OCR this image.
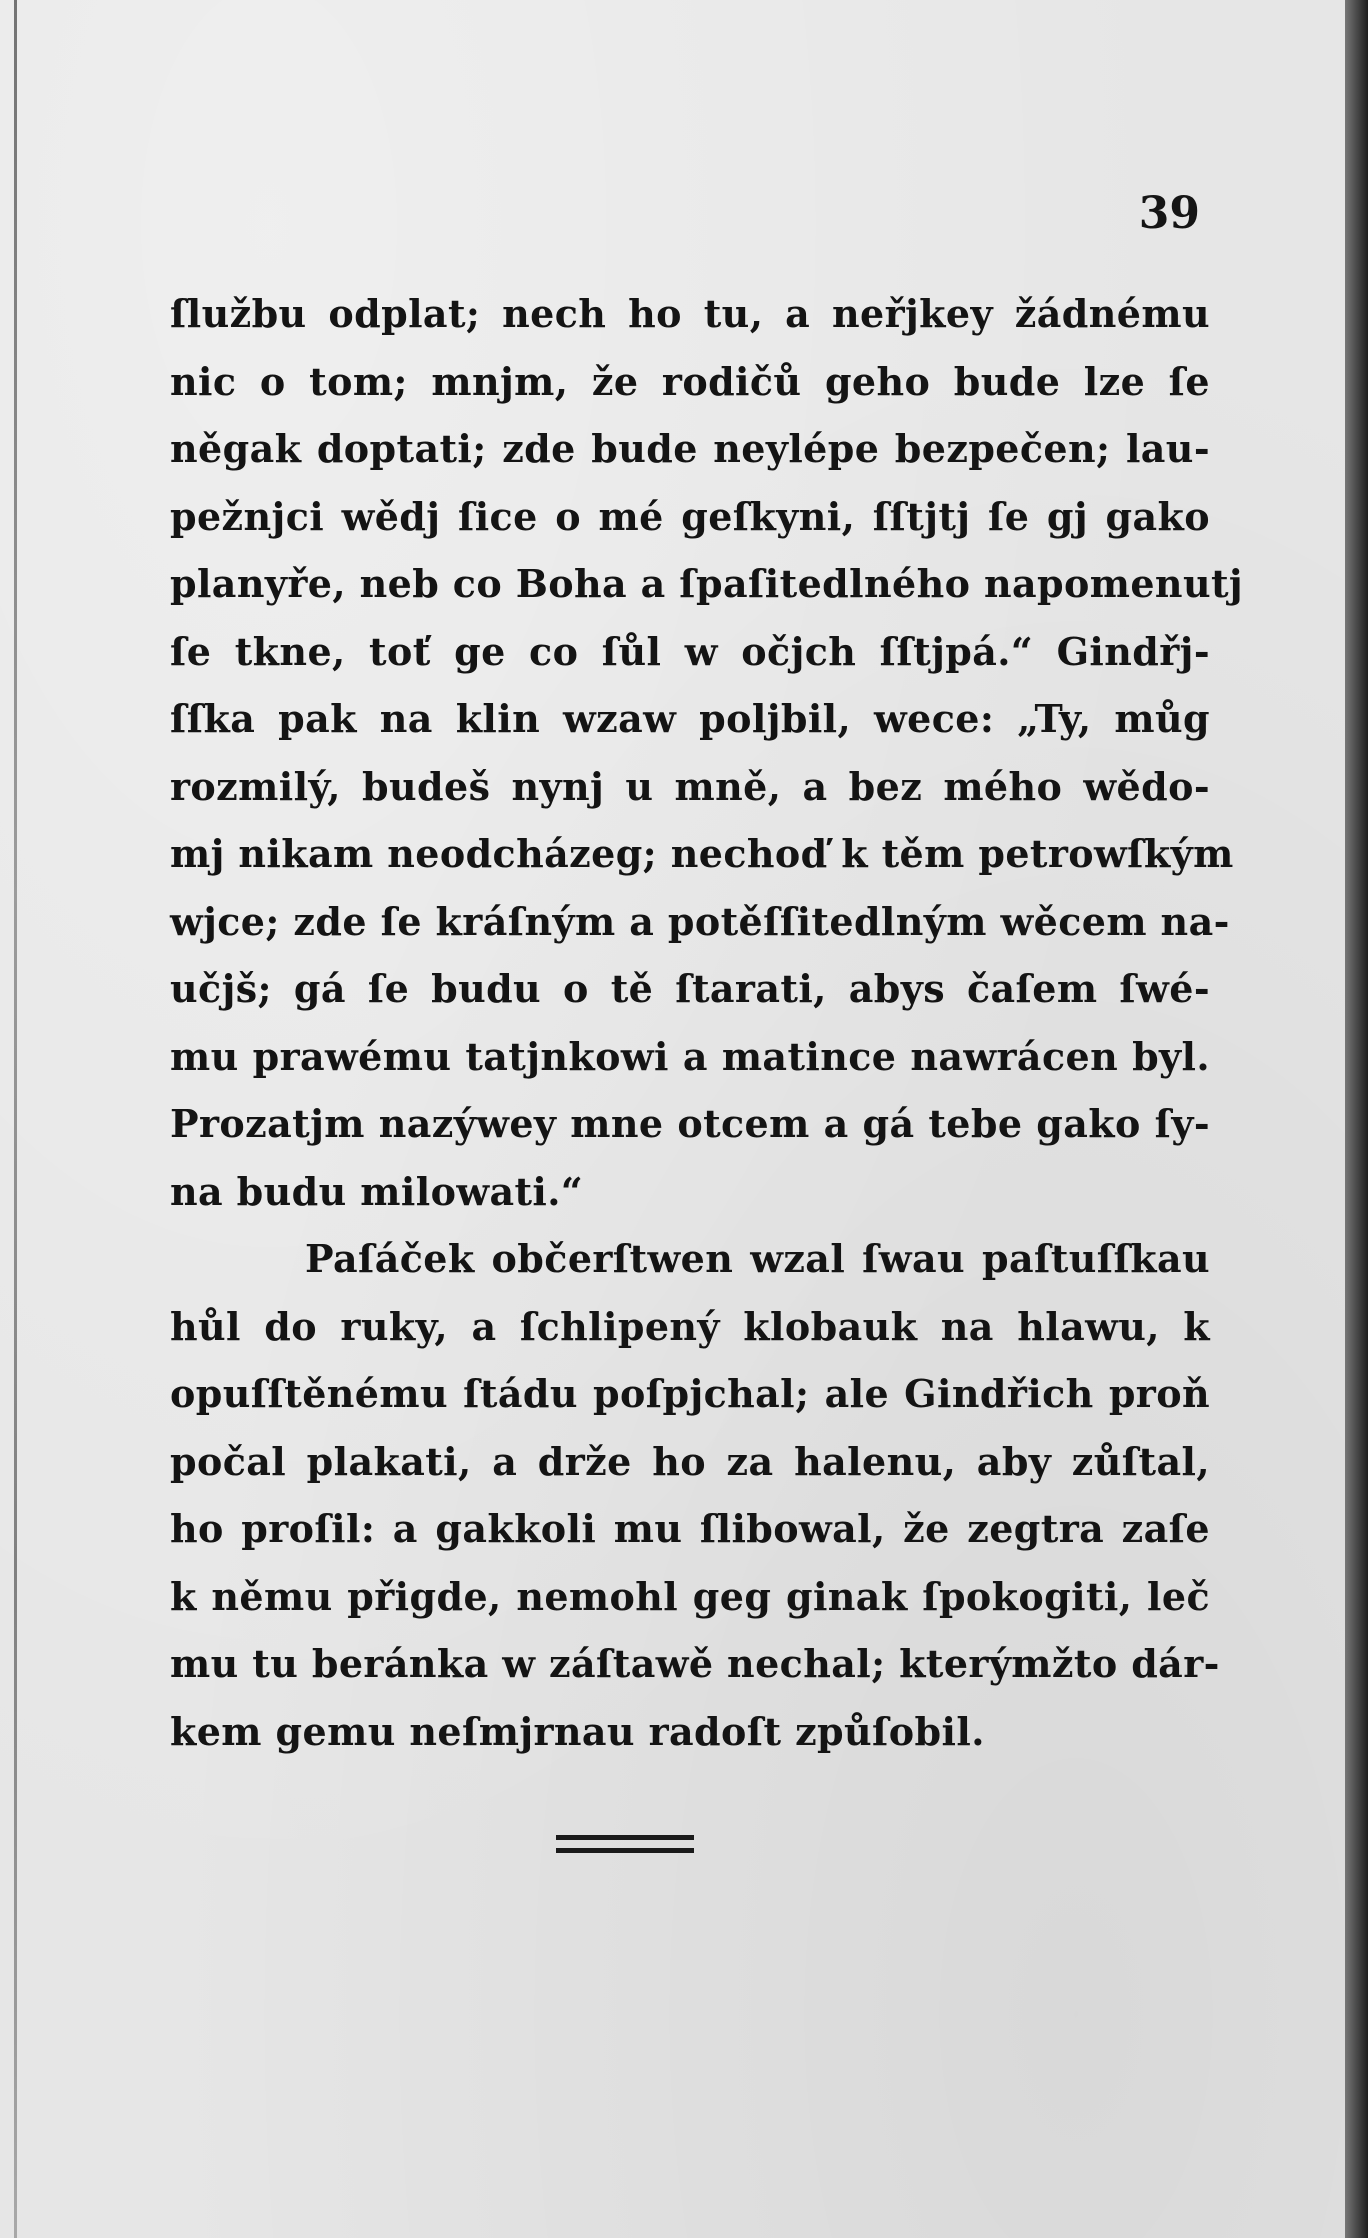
39
ſlužbu odplat; nech ho tu, a neřjkey žádnému
nic o tom; mnjm, že rodičů geho bude lze ſe
něgak doptati; zde bude neylépe bezpečen; lau-
pežnjci wědj ſice o mé geſkyni, ſſtjtj ſe gj gako
planyře, neb co Boha a ſpaſitedlného napomenutj
ſe tkne, toť ge co ſůl w očjch ſſtjpá.“ Gindřj-
ſſka pak na klin wzaw poljbil, wece: „Ty, můg
rozmilý, budeš nynj u mně, a bez mého wědo-
mj nikam neodcházeg; nechoď k těm petrowſkým
wjce; zde ſe kráſným a potěſſitedlným wěcem na-
učjš; gá ſe budu o tě ſtarati, abys čaſem ſwé-
mu prawému tatjnkowi a matince nawrácen byl.
Prozatjm nazýwey mne otcem a gá tebe gako ſy-
na budu milowati.“
Paſáček občerſtwen wzal ſwau paſtuſſkau
hůl do ruky, a ſchlipený klobauk na hlawu, k
opuſſtěnému ſtádu poſpjchal; ale Gindřich proň
počal plakati, a drže ho za halenu, aby zůſtal,
ho proſil: a gakkoli mu ſlibowal, že zegtra zaſe
k němu přigde, nemohl geg ginak ſpokogiti, leč
mu tu beránka w záſtawě nechal; kterýmžto dár-
kem gemu neſmjrnau radoſt způſobil.
